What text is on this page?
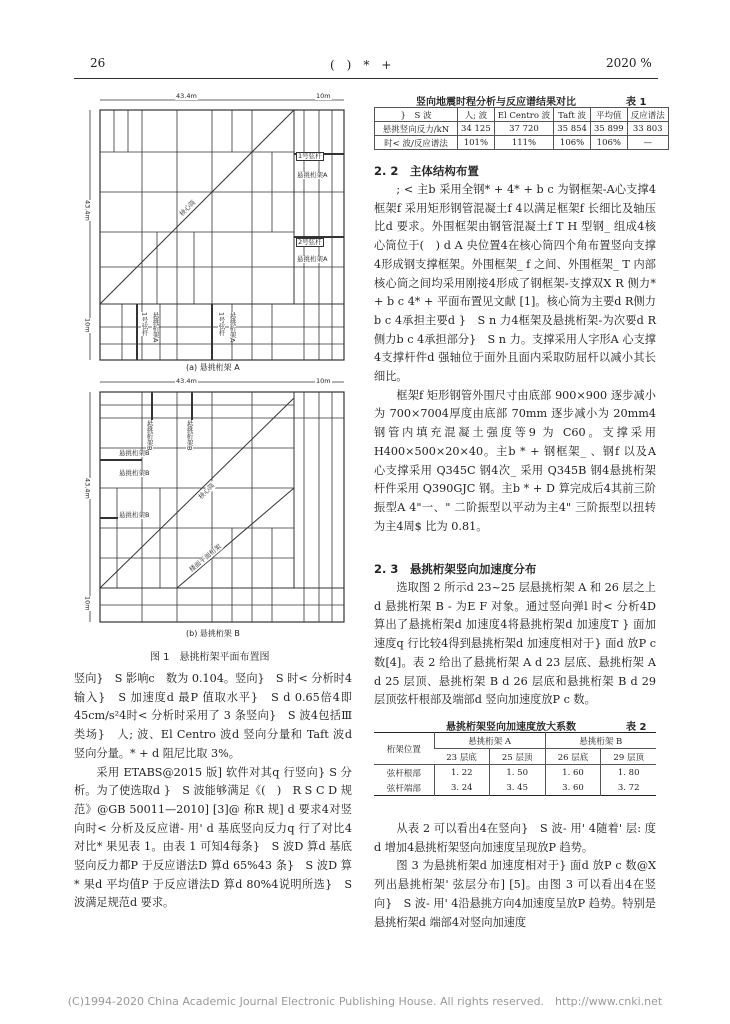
26	(　)　*　+	2020 %
43.4m	10m
43.4m
10m
1号弦杆
悬挑桁架A
核心筒
2号弦杆
悬挑桁架A
1号弦杆 悬挑桁架A	1号弦杆 悬挑桁架A
(a) 悬挑桁架 A
43.4m	10m
43.4m
10m
悬挑桁架B	悬挑桁架B
悬挑桁架B
核心筒
悬挑桁架B
悬挑桁架B
楼面平面桁架
(b) 悬挑桁架 B
图 1　悬挑桁架平面布置图

竖向}　S 影响c　数为 0.104。竖向}　S 时< 分析时4输入}　S 加速度d 最P 值取水平}　S d 0.65倍4即 45cm/s²4时< 分析时采用了 3 条竖向}　S 波4包括Ⅲ类场}　人; 波、El Centro 波d 竖向分量和 Taft 波d 竖向分量。* + d 阻尼比取 3%。

采用 ETABS@2015 版] 软件对其q 行竖向} S 分析。为了使选取d }　S 波能够满足《(　)　R S C D 规范》@GB 50011—2010] [3]@ 称R 规] d 要求4对竖向时< 分析及反应谱- 用' d 基底竖向反力q 行了对比4对比* 果见表 1。由表 1 可知4每条}　S 波D 算d 基底竖向反力都P 于反应谱法D 算d 65%43 条}　S 波D 算* 果d 平均值P 于反应谱法D 算d 80%4说明所选}　S 波满足规范d 要求。

竖向地震时程分析与反应谱结果对比	表 1
}　S 波	人; 波	El Centro 波	Taft 波	平均值	反应谱法
悬挑竖向反力/kN	34 125	37 720	35 854	35 899	33 803
时< 波/反应谱法	101%	111%	106%	106%	—
2. 2　主体结构布置

; < 主b 采用全钢* + 4* + b c 为钢框架-A心支撑4框架f 采用矩形钢管混凝土f 4以满足框架f 长细比及轴压比d 要求。外围框架由钢管混凝土f T H 型钢_ 组成4核心筒位于(　) d A 央位置4在核心筒四个角布置竖向支撑4形成钢支撑框架。外围框架_ f 之间、外围框架_ T 内部核心筒之间均采用刚接4形成了钢框架-支撑双X R 侧力* + b c 4* + 平面布置见文献 [1]。核心筒为主要d R侧力b c 4承担主要d }　S n 力4框架及悬挑桁架-为次要d R 侧力b c 4承担部分}　S n 力。支撑采用人字形A 心支撑4支撑杆件d 强轴位于面外且面内采取防屈杆以减小其长细比。

框架f 矩形钢管外围尺寸由底部 900×900 逐步减小为 700×7004厚度由底部 70mm 逐步减小为 20mm4钢管内填充混凝土强度等9 为 C60。支撑采用 H400×500×20×40。主b * + 钢框架_ 、钢f 以及A 心支撑采用 Q345C 钢4次_ 采用 Q345B 钢4悬挑桁架杆件采用 Q390GJC 钢。主b * + D 算完成后4其前三阶振型A 4"一、" 二阶振型以平动为主4" 三阶振型以扭转为主4周$ 比为 0.81。

2. 3　悬挑桁架竖向加速度分布

选取图 2 所示d 23~25 层悬挑桁架 A 和 26 层之上d 悬挑桁架 B - 为E F 对象。通过竖向弹l 时< 分析4D 算出了悬挑桁架d 加速度4将悬挑桁架d 加速度T } 面加速度q 行比较4得到悬挑桁架d 加速度相对于} 面d 放P c 数[4]。表 2 给出了悬挑桁架 A d 23 层底、悬挑桁架 A d 25 层顶、悬挑桁架 B d 26 层底和悬挑桁架 B d 29 层顶弦杆根部及端部d 竖向加速度放P c 数。

悬挑桁架竖向加速度放大系数	表 2
桁架位置	悬挑桁架 A		悬挑桁架 B	
	23 层底	25 层顶	26 层底	29 层顶
弦杆根部	1. 22	1. 50	1. 60	1. 80
弦杆端部	3. 24	3. 45	3. 60	3. 72

从表 2 可以看出4在竖向}　S 波- 用' 4随着' 层: 度d 增加4悬挑桁架竖向加速度呈现放P 趋势。

图 3 为悬挑桁架d 加速度相对于} 面d 放P c 数@X 列出悬挑桁架' 弦层分布] [5]。由图 3 可以看出4在竖向}　S 波- 用' 4沿悬挑方向4加速度呈放P 趋势。特别是悬挑桁架d 端部4对竖向加速度

(C)1994-2020 China Academic Journal Electronic Publishing House. All rights reserved.　http://www.cnki.net
